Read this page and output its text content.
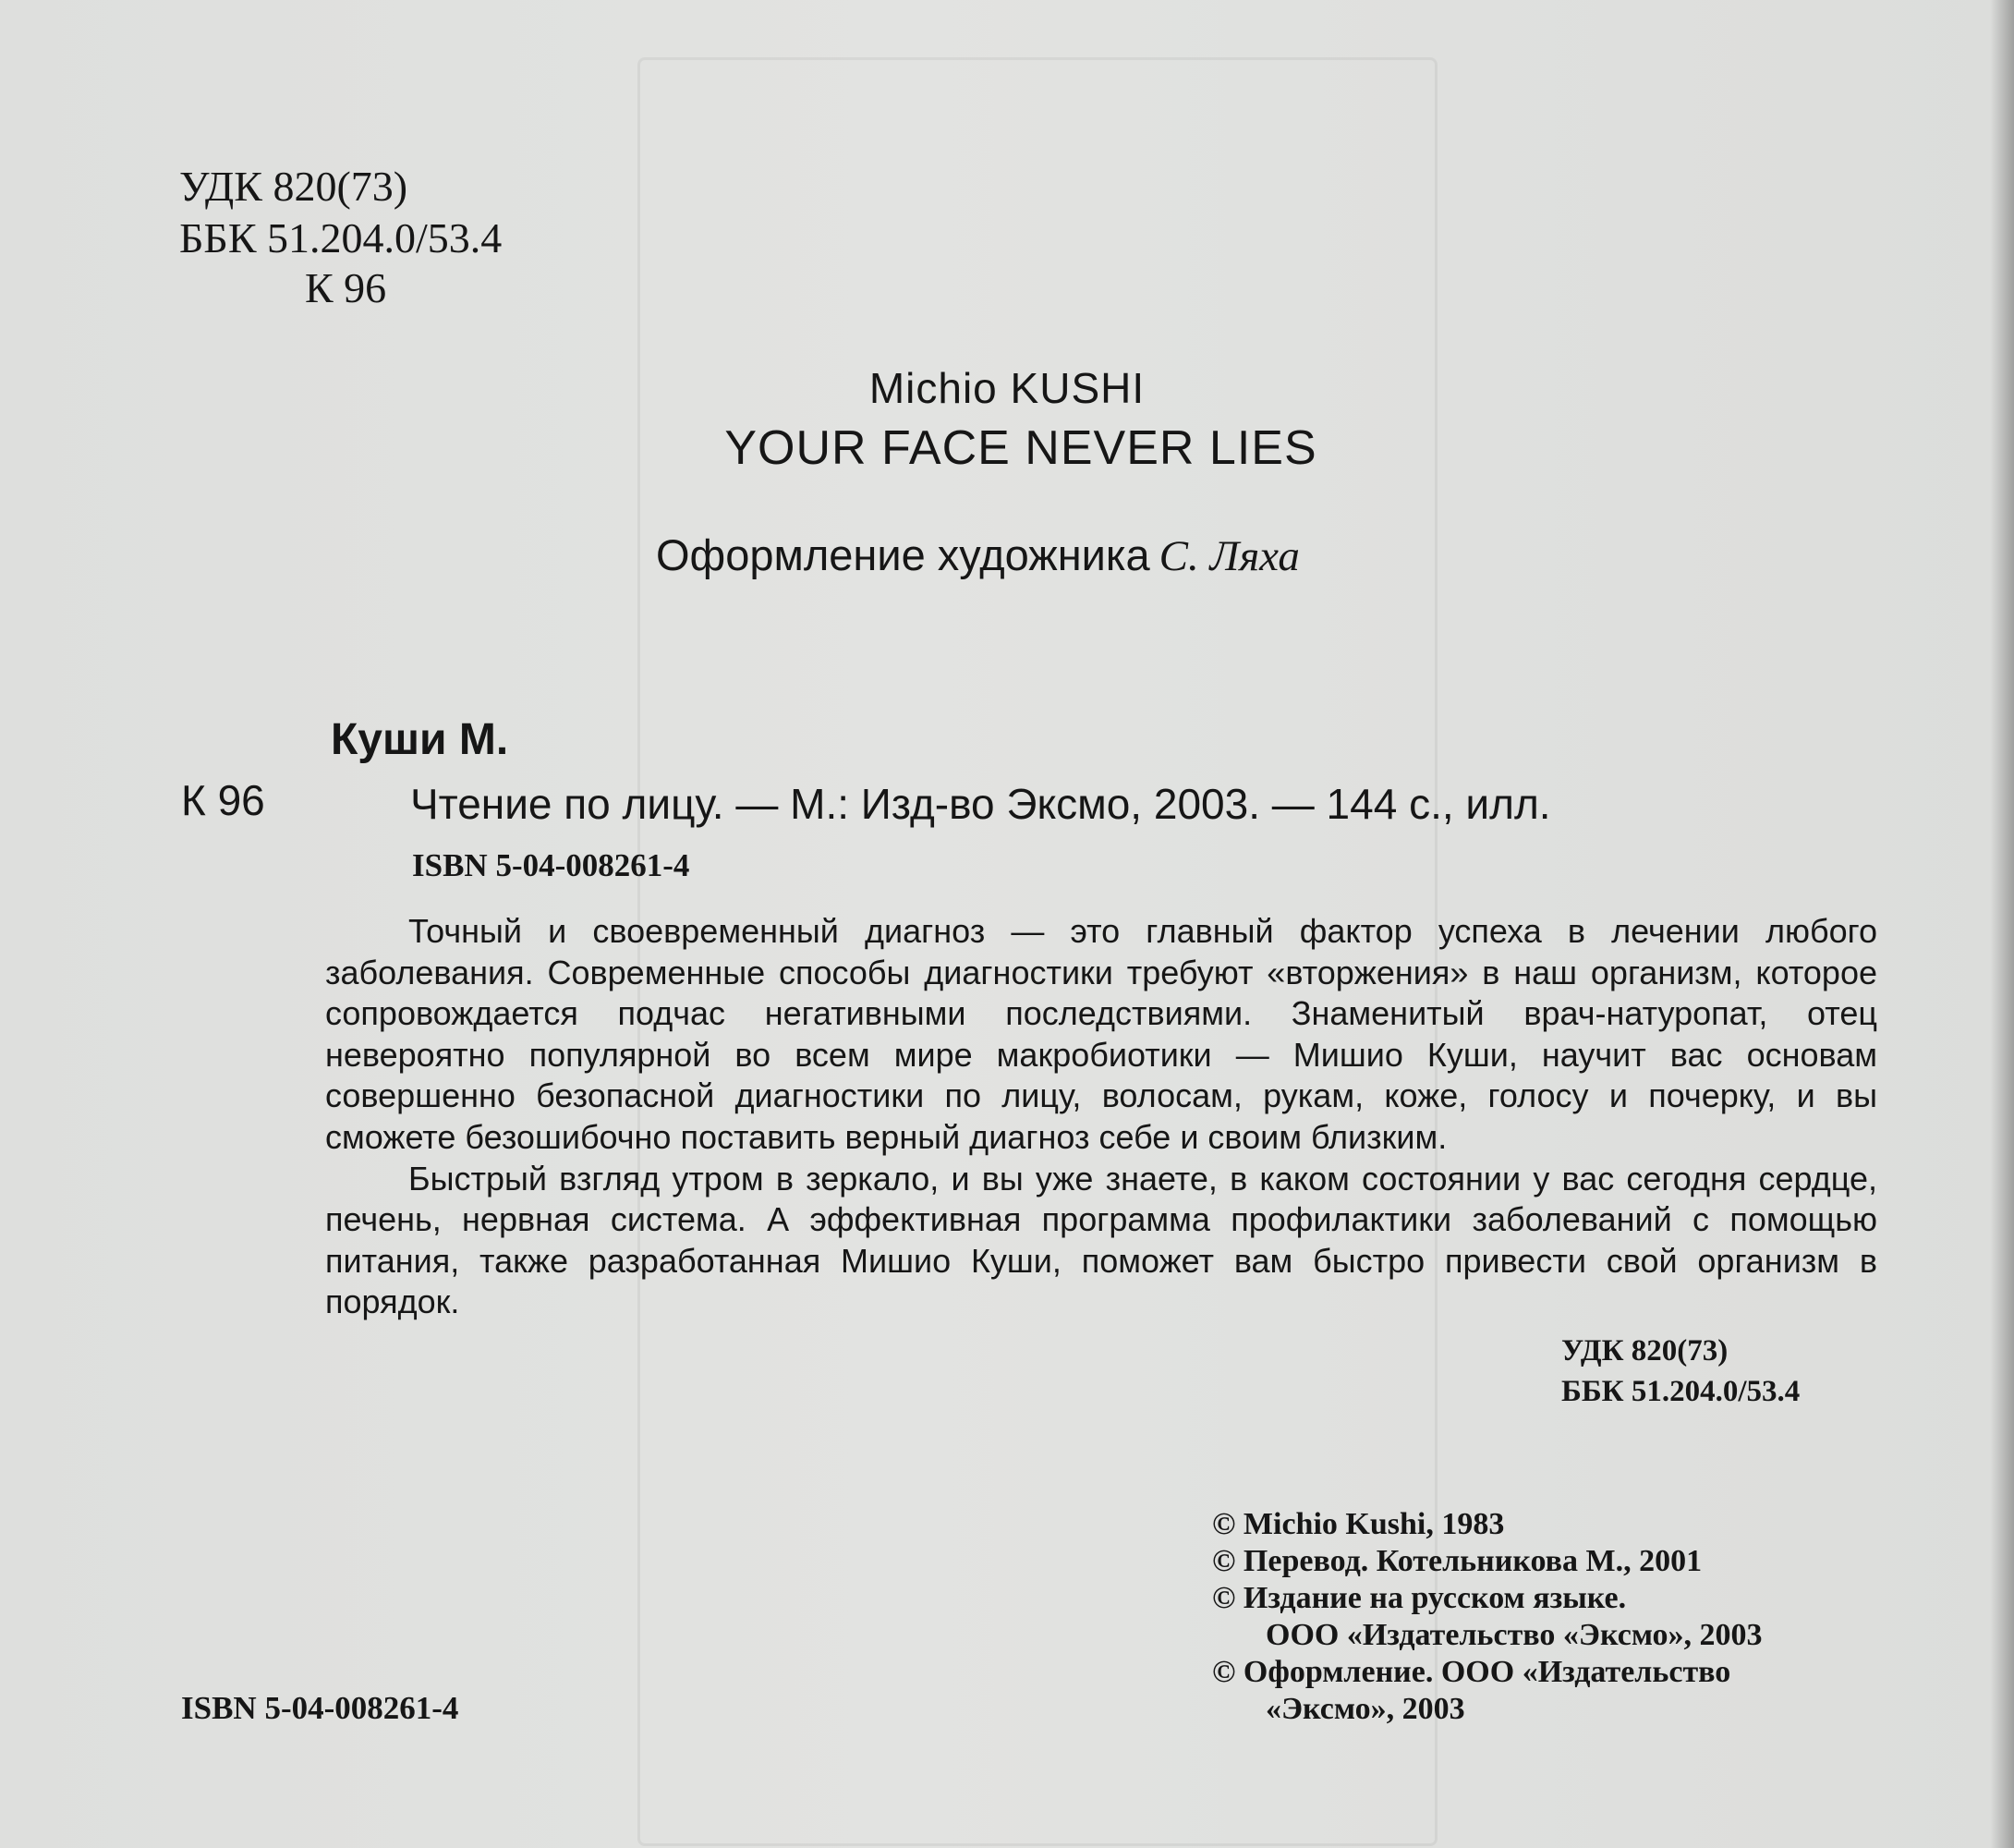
УДК 820(73)
ББК 51.204.0/53.4
К 96
Michio KUSHI
YOUR FACE NEVER LIES
Оформление художника С. Ляха
Куши М.
К 96	Чтение по лицу. — М.: Изд-во Эксмо, 2003. — 144 с., илл.
ISBN 5-04-008261-4

Точный и своевременный диагноз — это главный фактор успеха в лечении любого заболевания. Современные способы диагностики требуют «вторжения» в наш организм, которое сопровождается подчас негативными последствиями. Знаменитый врач-натуропат, отец невероятно популярной во всем мире макробиотики — Мишио Куши, научит вас основам совершенно безопасной диагностики по лицу, волосам, рукам, коже, голосу и почерку, и вы сможете безошибочно поставить верный диагноз себе и своим близким.

Быстрый взгляд утром в зеркало, и вы уже знаете, в каком состоянии у вас сегодня сердце, печень, нервная система. А эффективная программа профилактики заболеваний с помощью питания, также разработанная Мишио Куши, поможет вам быстро привести свой организм в порядок.

УДК 820(73)
ББК 51.204.0/53.4
© Michio Kushi, 1983
© Перевод. Котельникова М., 2001
© Издание на русском языке.
ООО «Издательство «Эксмо», 2003
© Оформление. ООО «Издательство
«Эксмо», 2003
ISBN 5-04-008261-4
